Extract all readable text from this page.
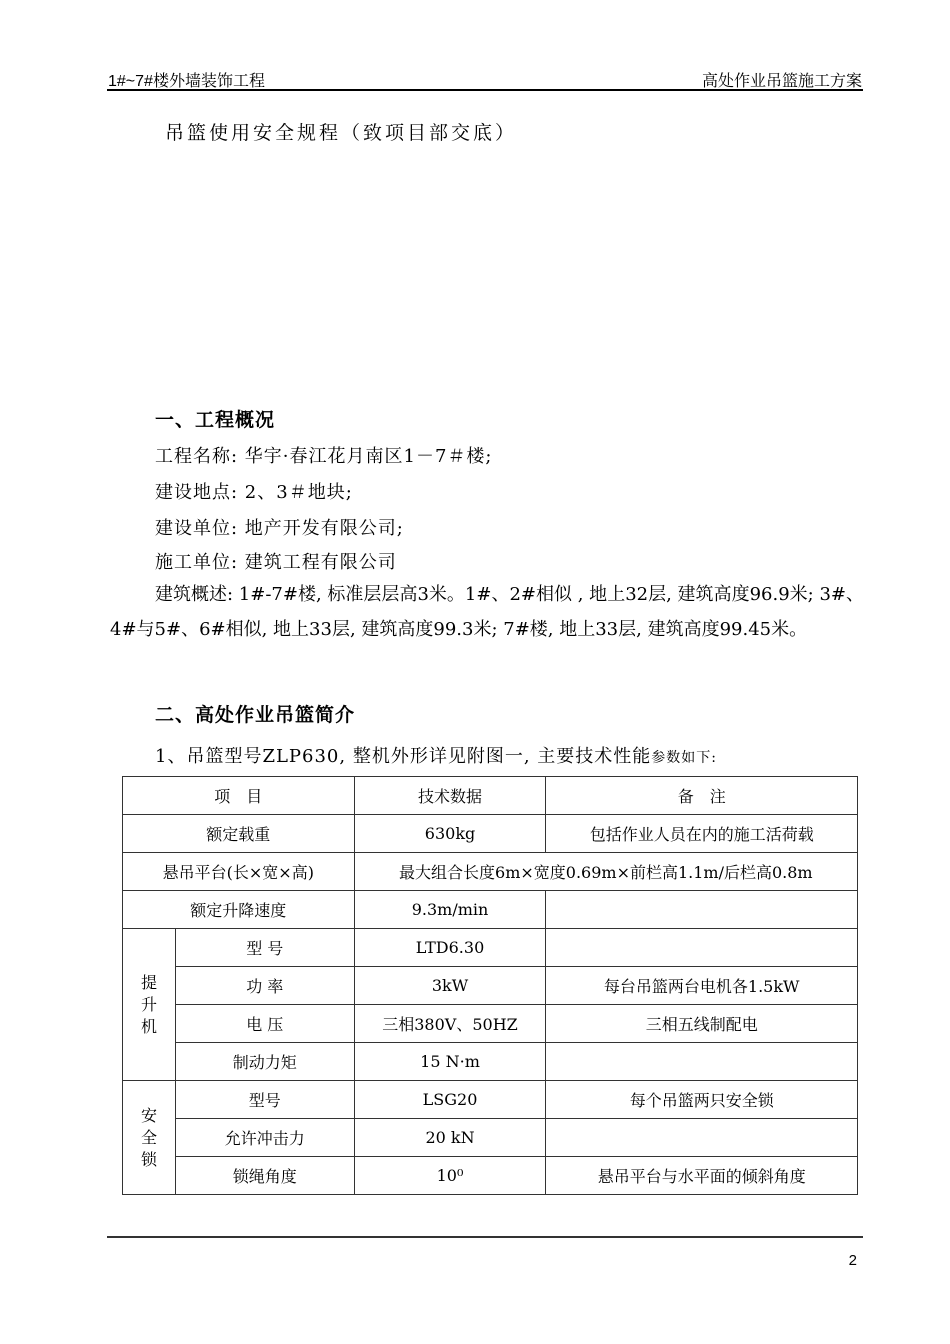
1#~7#楼外墙装饰工程	高处作业吊篮施工方案
吊篮使用安全规程（致项目部交底）
一、工程概况
工程名称: 华宇·春江花月南区1－7＃楼;
建设地点: 2、3＃地块;
建设单位: 地产开发有限公司;
施工单位: 建筑工程有限公司
建筑概述: 1#-7#楼, 标准层层高3米。1#、2#相似 , 地上32层, 建筑高度96.9米; 3#、4#与5#、6#相似, 地上33层, 建筑高度99.3米; 7#楼, 地上33层, 建筑高度99.45米。
二、高处作业吊篮简介
1、吊篮型号ZLP630, 整机外形详见附图一, 主要技术性能参数如下:
项　目		技术数据	备　注
额定载重		630kg	包括作业人员在内的施工活荷载
悬吊平台(长×宽×高)		最大组合长度6m×宽度0.69m×前栏高1.1m/后栏高0.8m	
额定升降速度		9.3m/min	
提
升
机	型 号	LTD6.30	
	功 率	3kW	每台吊篮两台电机各1.5kW
	电 压	三相380V、50HZ	三相五线制配电
	制动力矩	15 N·m	
安
全
锁	型号	LSG20	每个吊篮两只安全锁
	允许冲击力	20 kN	
	锁绳角度	10⁰	悬吊平台与水平面的倾斜角度
2
